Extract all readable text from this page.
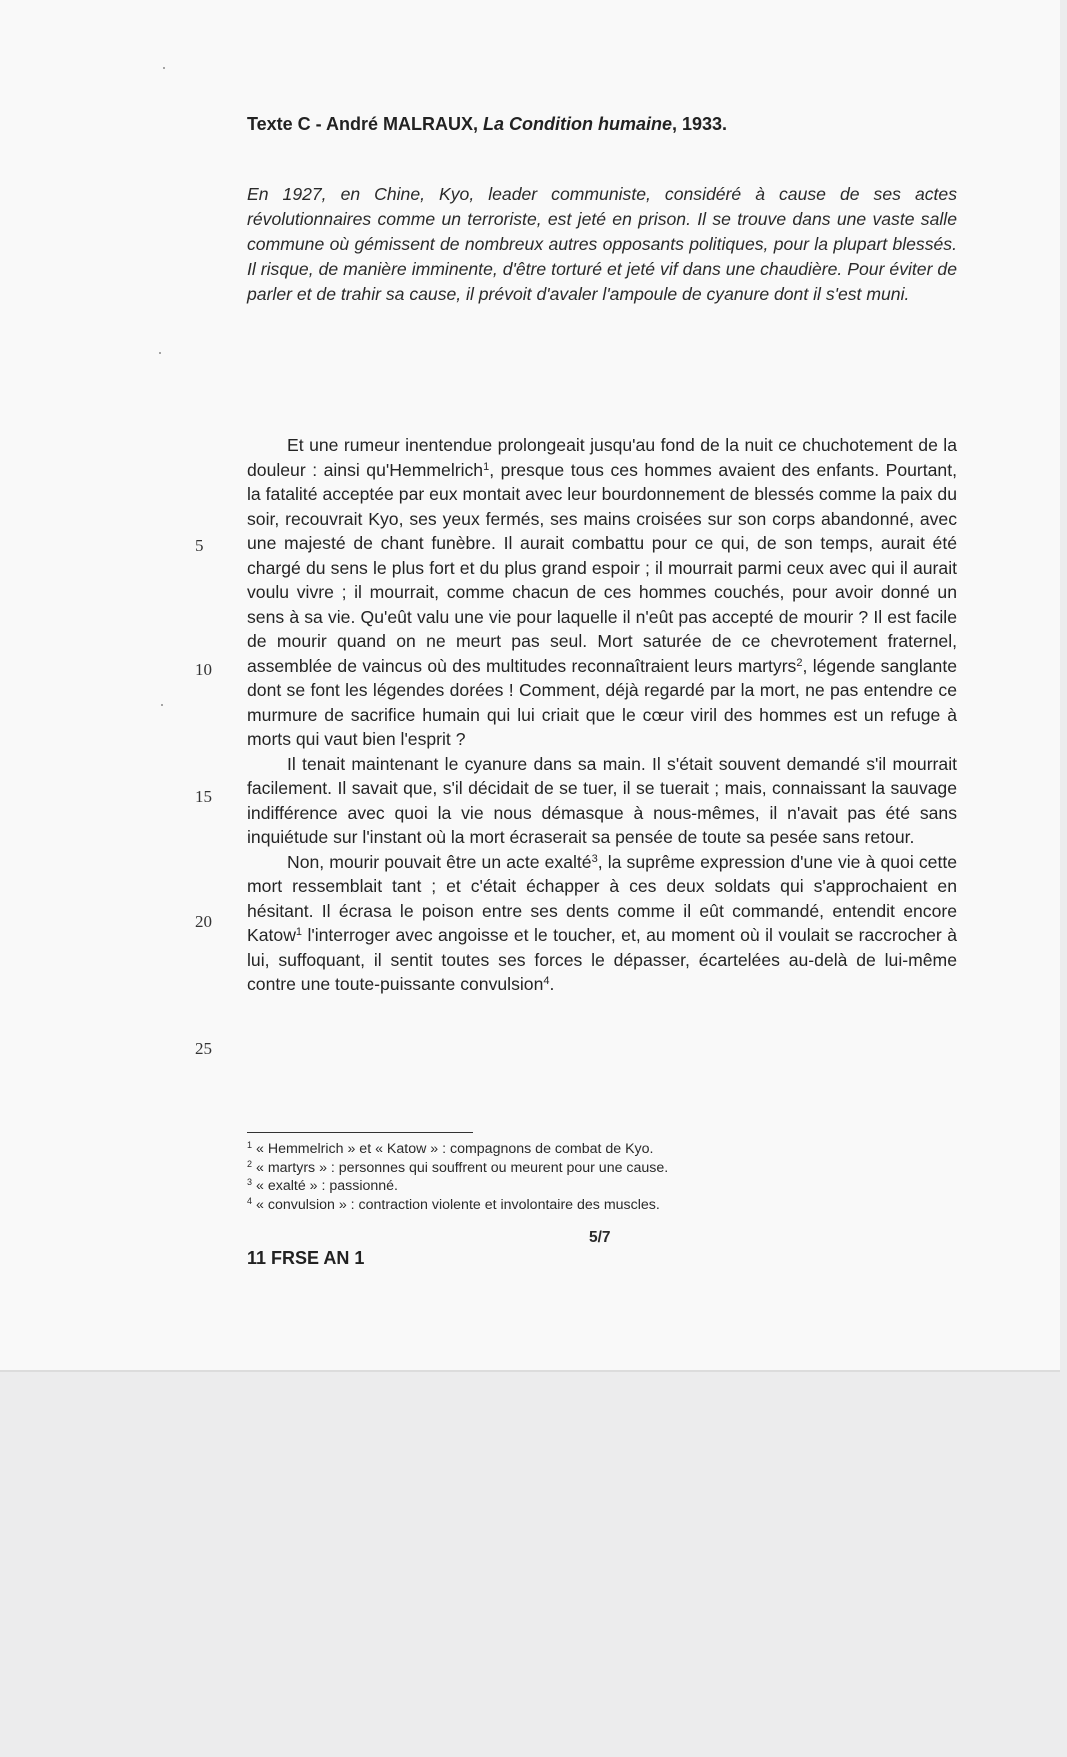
Texte C - André MALRAUX, La Condition humaine, 1933.

En 1927, en Chine, Kyo, leader communiste, considéré à cause de ses actes révolutionnaires comme un terroriste, est jeté en prison. Il se trouve dans une vaste salle commune où gémissent de nombreux autres opposants politiques, pour la plupart blessés. Il risque, de manière imminente, d'être torturé et jeté vif dans une chaudière. Pour éviter de parler et de trahir sa cause, il prévoit d'avaler l'ampoule de cyanure dont il s'est muni.

Et une rumeur inentendue prolongeait jusqu'au fond de la nuit ce chuchotement de la douleur : ainsi qu'Hemmelrich$^1$, presque tous ces hommes avaient des enfants. Pourtant, la fatalité acceptée par eux montait avec leur bourdonnement de blessés comme la paix du soir, recouvrait Kyo, ses yeux fermés, ses mains croisées sur son corps abandonné, avec une majesté de chant funèbre. Il aurait combattu pour ce qui, de son temps, aurait été chargé du sens le plus fort et du plus grand espoir ; il mourrait parmi ceux avec qui il aurait voulu vivre ; il mourrait, comme chacun de ces hommes couchés, pour avoir donné un sens à sa vie. Qu'eût valu une vie pour laquelle il n'eût pas accepté de mourir ? Il est facile de mourir quand on ne meurt pas seul. Mort saturée de ce chevrotement fraternel, assemblée de vaincus où des multitudes reconnaîtraient leurs martyrs$^2$, légende sanglante dont se font les légendes dorées ! Comment, déjà regardé par la mort, ne pas entendre ce murmure de sacrifice humain qui lui criait que le cœur viril des hommes est un refuge à morts qui vaut bien l'esprit ?

Il tenait maintenant le cyanure dans sa main. Il s'était souvent demandé s'il mourrait facilement. Il savait que, s'il décidait de se tuer, il se tuerait ; mais, connaissant la sauvage indifférence avec quoi la vie nous démasque à nous-mêmes, il n'avait pas été sans inquiétude sur l'instant où la mort écraserait sa pensée de toute sa pesée sans retour.

Non, mourir pouvait être un acte exalté$^3$, la suprême expression d'une vie à quoi cette mort ressemblait tant ; et c'était échapper à ces deux soldats qui s'approchaient en hésitant. Il écrasa le poison entre ses dents comme il eût commandé, entendit encore Katow$^1$ l'interroger avec angoisse et le toucher, et, au moment où il voulait se raccrocher à lui, suffoquant, il sentit toutes ses forces le dépasser, écartelées au-delà de lui-même contre une toute-puissante convulsion$^4$.

5
10
15
20
25
$^1$ « Hemmelrich » et « Katow » : compagnons de combat de Kyo.
$^2$ « martyrs » : personnes qui souffrent ou meurent pour une cause.
$^3$ « exalté » : passionné.
$^4$ « convulsion » : contraction violente et involontaire des muscles.
5/7
11 FRSE AN 1
